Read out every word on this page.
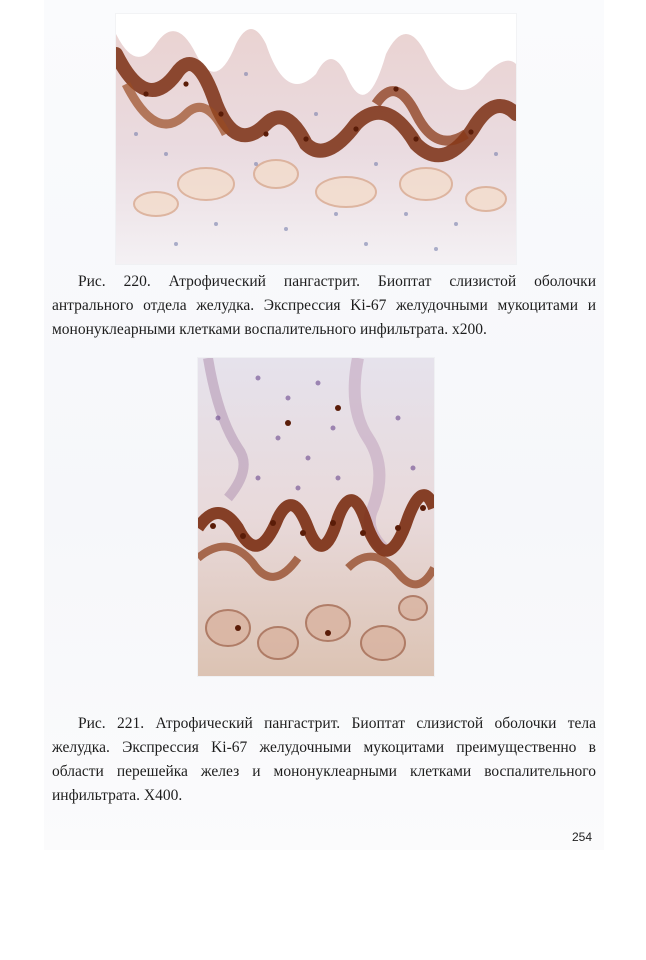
Рис. 220. Атрофический пангастрит. Биоптат слизистой оболочки
антрального отдела желудка. Экспрессия Ki-67 желудочными мукоцитами и
мононуклеарными клетками воспалительного инфильтрата. х200.
Рис. 221. Атрофический пангастрит. Биоптат слизистой оболочки тела
желудка. Экспрессия Ki-67 желудочными мукоцитами преимущественно в
области перешейка желез и мононуклеарными клетками воспалительного
инфильтрата. Х400.
254
